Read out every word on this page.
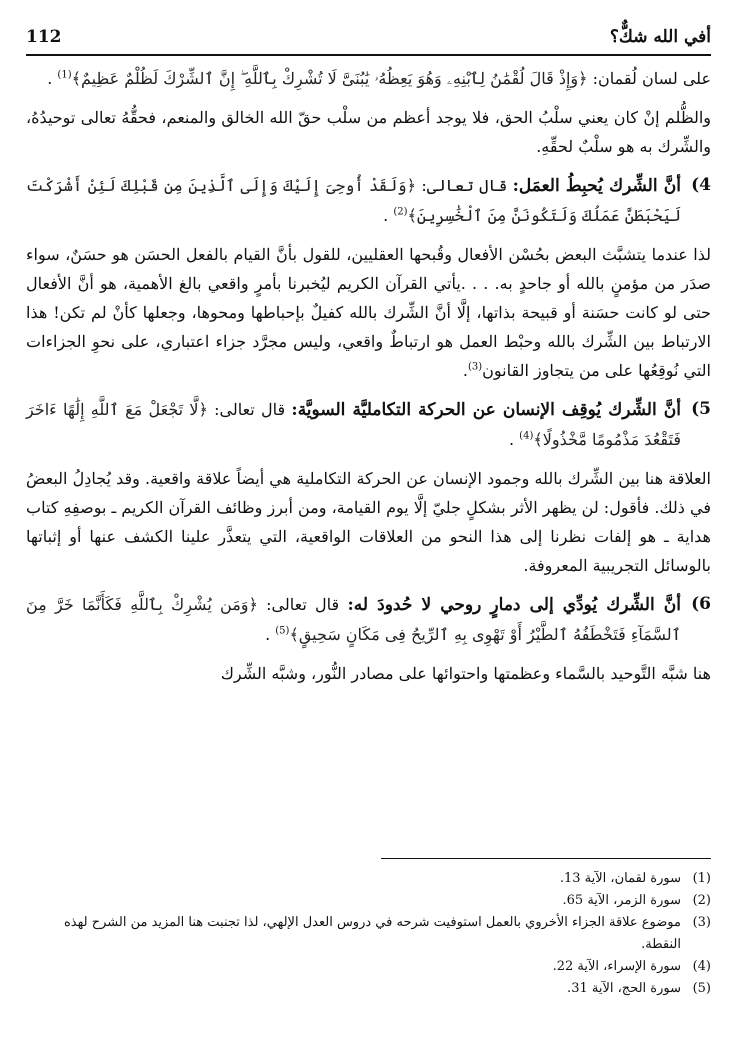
112	أفي الله شكٌّ؟

على لسان لُقمان: ﴿وَإِذْ قَالَ لُقْمَٰنُ لِٱبْنِهِۦ وَهُوَ يَعِظُهُۥ يَٰبُنَىَّ لَا تُشْرِكْ بِٱللَّهِ ۖ إِنَّ ٱلشِّرْكَ لَظُلْمٌ عَظِيمٌ﴾$^{(1)}$ .

والظُّلم إنْ كان يعني سلْبُ الحق، فلا يوجد أعظم من سلْب حقّ الله الخالق والمنعم، فحقُّهُ تعالى توحيدُهُ، والشِّرك به هو سلْبٌ لحقِّهِ.

4)
أنَّ الشِّرك يُحبِطُ العمَل: قال تعالى: ﴿وَلَقَدْ أُوحِىَ إِلَيْكَ وَإِلَى ٱلَّذِينَ مِن قَبْلِكَ لَئِنْ أَشْرَكْتَ لَيَحْبَطَنَّ عَمَلُكَ وَلَتَكُونَنَّ مِنَ ٱلْخَٰسِرِينَ﴾$^{(2)}$ .

لذا عندما يتشبَّث البعض بحُسْن الأفعال وقُبحها العقليين، للقول بأنَّ القيام بالفعل الحسَن هو حسَنٌ، سواء صدَر من مؤمنٍ بالله أو جاحدٍ به. . . .يأتي القرآن الكريم ليُخبرنا بأمرٍ واقعي بالغ الأهمية، هو أنَّ الأفعال حتى لو كانت حسَنة أو قبيحة بذاتها، إلَّا أنَّ الشِّرك بالله كفيلٌ بإحباطها ومحوها، وجعلها كأنْ لم تكن! هذا الارتباط بين الشِّرك بالله وحبْط العمل هو ارتباطٌ واقعي، وليس مجرَّد جزاء اعتباري، على نحوِ الجزاءات التي نُوقِعُها على من يتجاوز القانون$^{(3)}$.

5)
أنَّ الشِّرك يُوقِف الإنسان عن الحركة التكامليَّة السويَّة: قال تعالى: ﴿لَّا تَجْعَلْ مَعَ ٱللَّهِ إِلَٰهًا ءَاخَرَ فَتَقْعُدَ مَذْمُومًا مَّخْذُولًا﴾$^{(4)}$ .

العلاقة هنا بين الشِّرك بالله وجمود الإنسان عن الحركة التكاملية هي أيضاً علاقة واقعية. وقد يُجادِلُ البعضُ في ذلك. فأقول: لن يظهر الأثر بشكلٍ جليّ إلَّا يوم القيامة، ومن أبرز وظائف القرآن الكريم ـ بوصفِهِ كتاب هداية ـ هو إلفات نظرنا إلى هذا النحو من العلاقات الواقعية، التي يتعذَّر علينا الكشف عنها أو إثباتها بالوسائل التجريبية المعروفة.

6)
أنَّ الشِّرك يُودِّي إلى دمارٍ روحي لا حُدودَ له: قال تعالى: ﴿وَمَن يُشْرِكْ بِٱللَّهِ فَكَأَنَّمَا خَرَّ مِنَ ٱلسَّمَآءِ فَتَخْطَفُهُ ٱلطَّيْرُ أَوْ تَهْوِى بِهِ ٱلرِّيحُ فِى مَكَانٍ سَحِيقٍ﴾$^{(5)}$ .

هنا شبَّه التَّوحيد بالسَّماء وعظمتها واحتوائها على مصادر النُّور، وشبَّه الشِّرك

(1)
سورة لقمان، الآية 13.
(2)
سورة الزمر، الآية 65.
(3)
موضوع علاقة الجزاء الأخروي بالعمل استوفيت شرحه في دروس العدل الإلهي، لذا تجنبت هنا المزيد من الشرح لهذه النقطة.
(4)
سورة الإسراء، الآية 22.
(5)
سورة الحج، الآية 31.
